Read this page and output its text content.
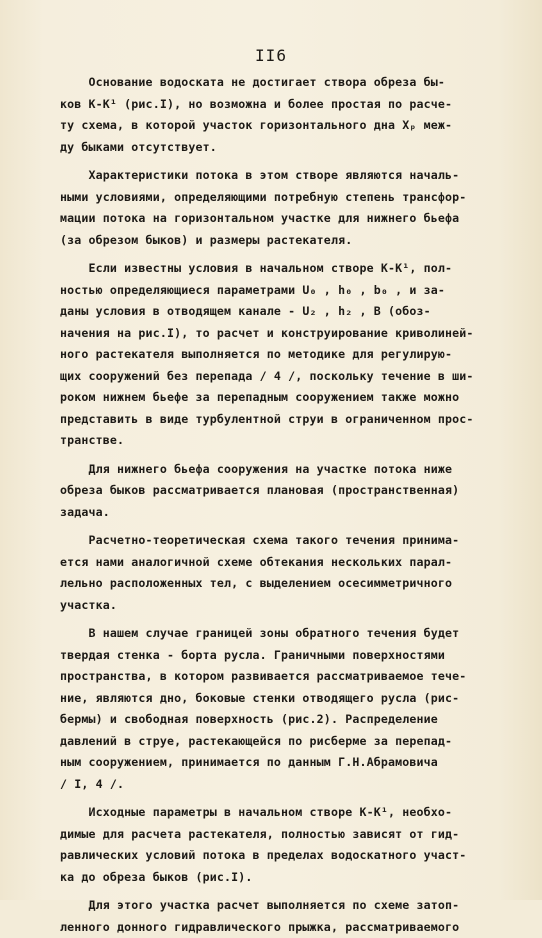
II6

Основание водоската не достигает створа обреза бы-
ков К-К¹ (рис.I), но возможна и более простая по расче-
ту схема, в которой участок горизонтального дна Xₚ меж-
ду быками отсутствует.

Характеристики потока в этом створе являются началь-
ными условиями, определяющими потребную степень трансфор-
мации потока на горизонтальном участке для нижнего бьефа
(за обрезом быков) и размеры растекателя.

Если известны условия в начальном створе К-К¹, пол-
ностью определяющиеся параметрами U₀ , h₀ , b₀ , и за-
даны условия в отводящем канале - U₂ , h₂ , B (обоз-
начения на рис.I), то расчет и конструирование криволиней-
ного растекателя выполняется по методике для регулирую-
щих сооружений без перепада / 4 /, поскольку течение в ши-
роком нижнем бьефе за перепадным сооружением также можно
представить в виде турбулентной струи в ограниченном прос-
транстве.

Для нижнего бьефа сооружения на участке потока ниже
обреза быков рассматривается плановая (пространственная)
задача.

Расчетно-теоретическая схема такого течения принима-
ется нами аналогичной схеме обтекания нескольких парал-
лельно расположенных тел, с выделением осесимметричного
участка.

В нашем случае границей зоны обратного течения будет
твердая стенка - борта русла. Граничными поверхностями
пространства, в котором развивается рассматриваемое тече-
ние, являются дно, боковые стенки отводящего русла (рис-
бермы) и свободная поверхность (рис.2). Распределение
давлений в струе, растекающейся по рисберме за перепад-
ным сооружением, принимается по данным Г.Н.Абрамовича
/ I, 4 /.

Исходные параметры в начальном створе К-К¹, необхо-
димые для расчета растекателя, полностью зависят от гид-
равлических условий потока в пределах водоскатного участ-
ка до обреза быков (рис.I).

Для этого участка расчет выполняется по схеме затоп-
ленного донного гидравлического прыжка, рассматриваемого
